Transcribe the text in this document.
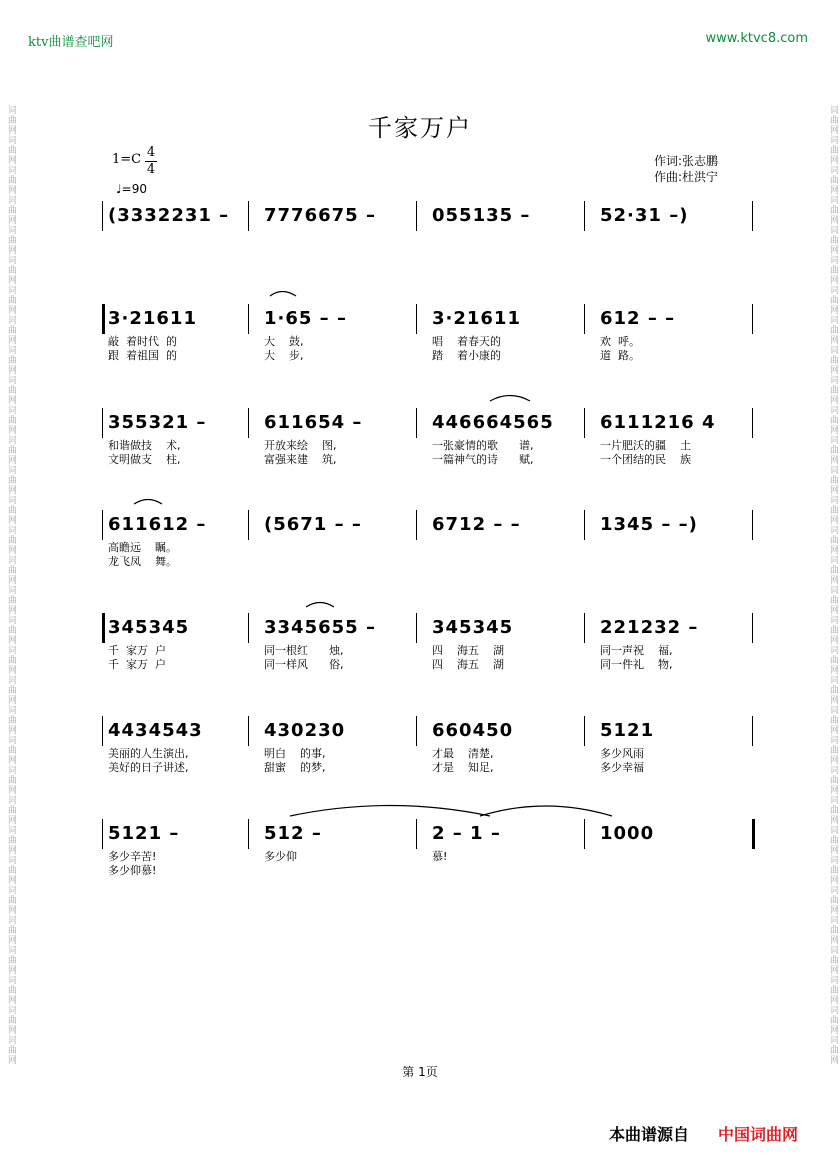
词曲网词曲网词曲网词曲网词曲网词曲网词曲网词曲网词曲网词曲网词曲网词曲网词曲网词曲网词曲网词曲网词曲网词曲网词曲网词曲网词曲网词曲网词曲网词曲网词曲网词曲网词曲网词曲网词曲网词曲网词曲网词曲网	词曲网词曲网词曲网词曲网词曲网词曲网词曲网词曲网词曲网词曲网词曲网词曲网词曲网词曲网词曲网词曲网词曲网词曲网词曲网词曲网词曲网词曲网词曲网词曲网词曲网词曲网词曲网词曲网词曲网词曲网词曲网词曲网
ktv曲谱查吧网	www.ktvc8.com
千家万户
1=C 4
4
♩=90
作词:张志鹏
作曲:杜洪宁
(3332231 – 7776675 –	055135 –	52·31 –)
3·21611	1·65 – –	3·21611	612 – –
敲  着时代  的	大    鼓,	唱    着春天的	欢  呼。
跟  着祖国  的	大    步,	踏    着小康的	道  路。
355321 –	611654 –	446664565	6111216 4
和谐做技    术,	开放来绘    图,	一张豪情的歌      谱,	一片肥沃的疆    土
文明做支    柱,	富强来建    筑,	一篇神气的诗      赋,	一个团结的民    族
611612 –	(5671 – –	6712 – –	1345 – –)
高瞻远    瞩。
龙飞凤    舞。
345345	3345655 –	345345	221232 –
千  家万  户	同一根红      烛,	四    海五    湖	同一声祝    福,
千  家万  户	同一样风      俗,	四    海五    湖	同一件礼    物,
4434543	430230	660450	5121
美丽的人生演出,	明白    的事,	才最    清楚,	多少风雨
美好的日子讲述,	甜蜜    的梦,	才是    知足,	多少幸福
5121 –	512 –	2 – 1 –	1000
多少辛苦!	多少仰	慕!
多少仰慕!
第 1页
本曲谱源自 中国词曲网
